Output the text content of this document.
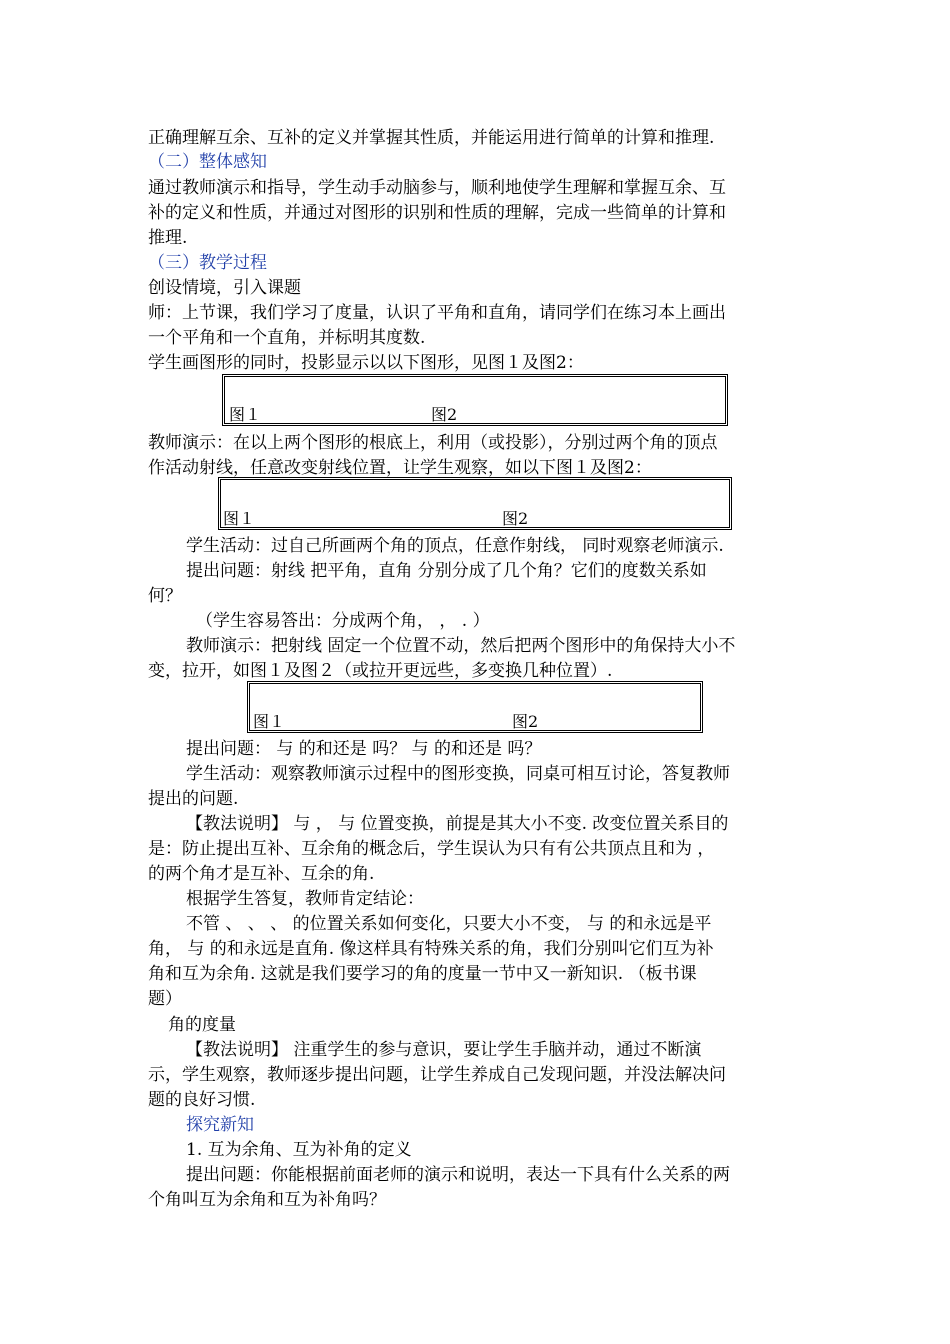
正确理解互余、互补的定义并掌握其性质，并能运用进行简单的计算和推理.
（二）整体感知
通过教师演示和指导，学生动手动脑参与，顺利地使学生理解和掌握互余、互
补的定义和性质，并通过对图形的识别和性质的理解，完成一些简单的计算和
推理.
（三）教学过程
创设情境，引入课题
师：上节课，我们学习了度量，认识了平角和直角，请同学们在练习本上画出
一个平角和一个直角，并标明其度数.
学生画图形的同时，投影显示以以下图形，见图１及图2：
图１	图2
教师演示：在以上两个图形的根底上，利用（或投影），分别过两个角的顶点
作活动射线，任意改变射线位置，让学生观察，如以下图１及图2：
图１	图2
学生活动：过自己所画两个角的顶点，任意作射线， 同时观察老师演示.
提出问题：射线 把平角，直角 分别分成了几个角？它们的度数关系如
何？
（学生容易答出：分成两个角， ， . ）
教师演示：把射线 固定一个位置不动，然后把两个图形中的角保持大小不
变，拉开，如图１及图２（或拉开更远些，多变换几种位置）.
图１	图2
提出问题： 与 的和还是 吗？ 与 的和还是 吗？
学生活动：观察教师演示过程中的图形变换，同桌可相互讨论，答复教师
提出的问题.
【教法说明】 与 ， 与 位置变换，前提是其大小不变. 改变位置关系目的
是：防止提出互补、互余角的概念后，学生误认为只有有公共顶点且和为 ，
的两个角才是互补、互余的角.
根据学生答复，教师肯定结论：
不管 、 、 、 的位置关系如何变化，只要大小不变， 与 的和永远是平
角， 与 的和永远是直角. 像这样具有特殊关系的角，我们分别叫它们互为补
角和互为余角. 这就是我们要学习的角的度量一节中又一新知识. （板书课
题）
角的度量
【教法说明】 注重学生的参与意识，要让学生手脑并动，通过不断演
示，学生观察，教师逐步提出问题，让学生养成自己发现问题，并没法解决问
题的良好习惯.
探究新知
1. 互为余角、互为补角的定义
提出问题：你能根据前面老师的演示和说明，表达一下具有什么关系的两
个角叫互为余角和互为补角吗？
